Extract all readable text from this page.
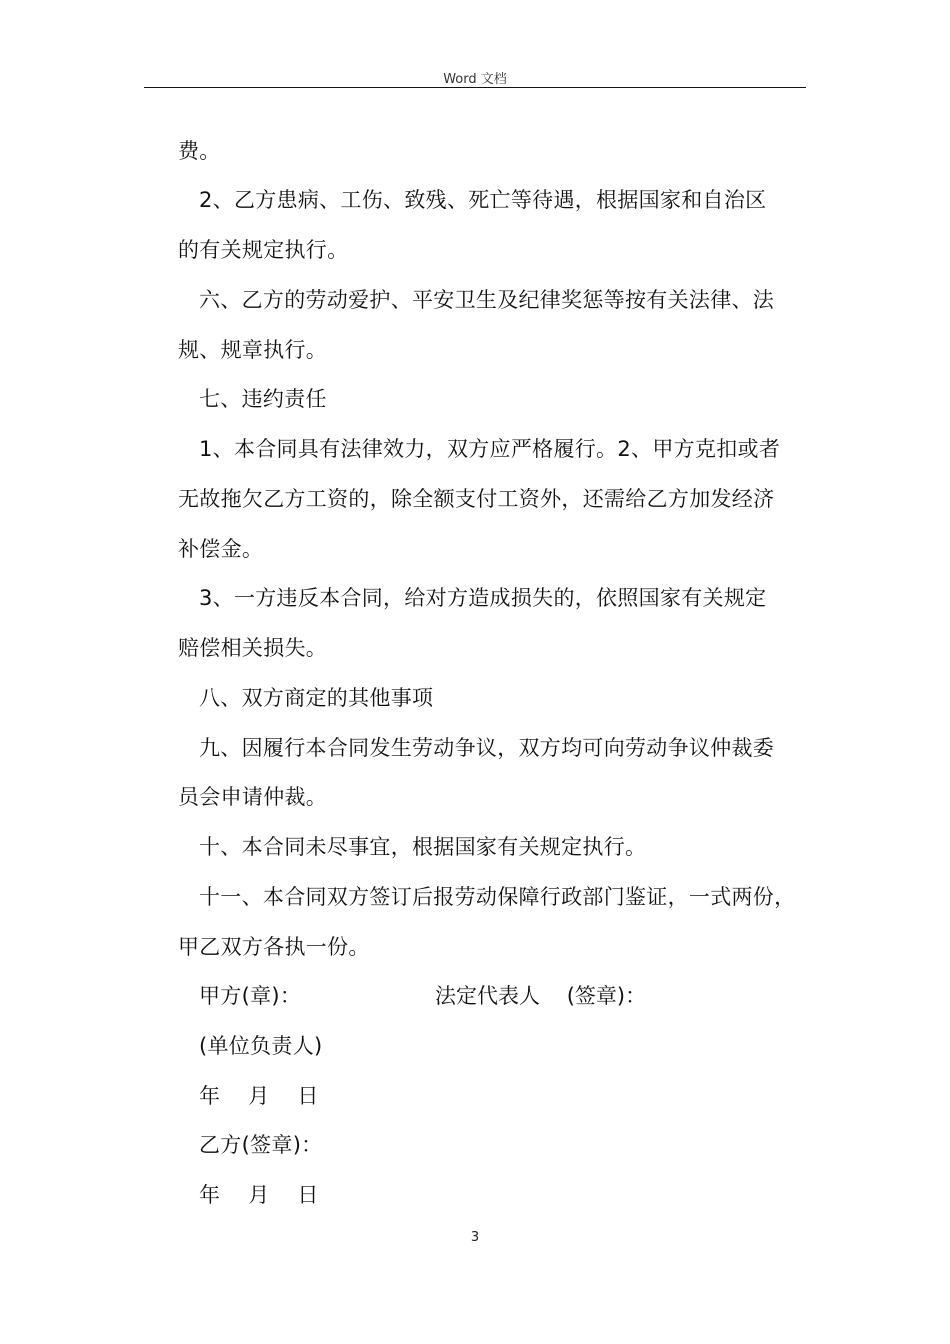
Word 文档
费。
2、乙方患病、工伤、致残、死亡等待遇，根据国家和自治区
的有关规定执行。
六、乙方的劳动爱护、平安卫生及纪律奖惩等按有关法律、法
规、规章执行。
七、违约责任
1、本合同具有法律效力，双方应严格履行。2、甲方克扣或者
无故拖欠乙方工资的，除全额支付工资外，还需给乙方加发经济
补偿金。
3、一方违反本合同，给对方造成损失的，依照国家有关规定
赔偿相关损失。
八、双方商定的其他事项
九、因履行本合同发生劳动争议，双方均可向劳动争议仲裁委
员会申请仲裁。
十、本合同未尽事宜，根据国家有关规定执行。
十一、本合同双方签订后报劳动保障行政部门鉴证，一式两份，
甲乙双方各执一份。
甲方(章)：	法定代表人    (签章)：
(单位负责人)
年    月    日
乙方(签章)：
年    月    日
3
